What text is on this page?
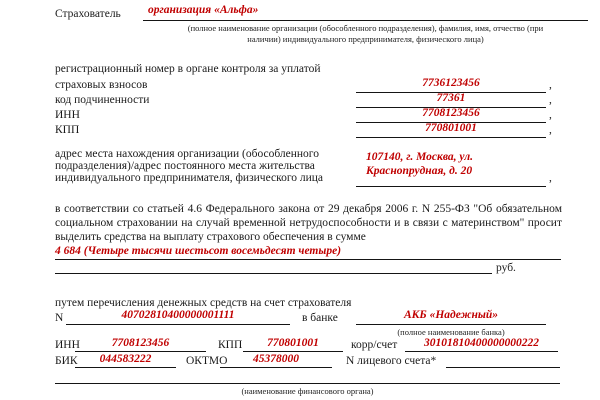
Страхователь	организация «Альфа»
(полное наименование организации (обособленного подразделения), фамилия, имя, отчество (при
наличии) индивидуального предпринимателя, физического лица)
регистрационный номер в органе контроля за уплатой
страховых взносов	7736123456	,
код подчиненности	77361	,
ИНН	7708123456	,
КПП	770801001	,
адрес места нахождения организации (обособленного
подразделения)/адрес постоянного места жительства
индивидуального предпринимателя, физического лица
107140, г. Москва, ул.
Краснопрудная, д. 20
,
в соответствии со статьей 4.6 Федерального закона от 29 декабря 2006 г. N 255-ФЗ "Об обязательном социальном страховании на случай временной нетрудоспособности и в связи с материнством" просит выделить средства на выплату страхового обеспечения в сумме
4 684 (Четыре тысячи шестьсот восемьдесят четыре)
руб.
путем перечисления денежных средств на счет страхователя
N	40702810400000001111	в банке	АКБ «Надежный»
(полное наименование банка)
ИНН	7708123456	КПП	770801001	корр/счет	30101810400000000222
БИК	044583222	ОКТМО	45378000	N лицевого счета*
(наименование финансового органа)
